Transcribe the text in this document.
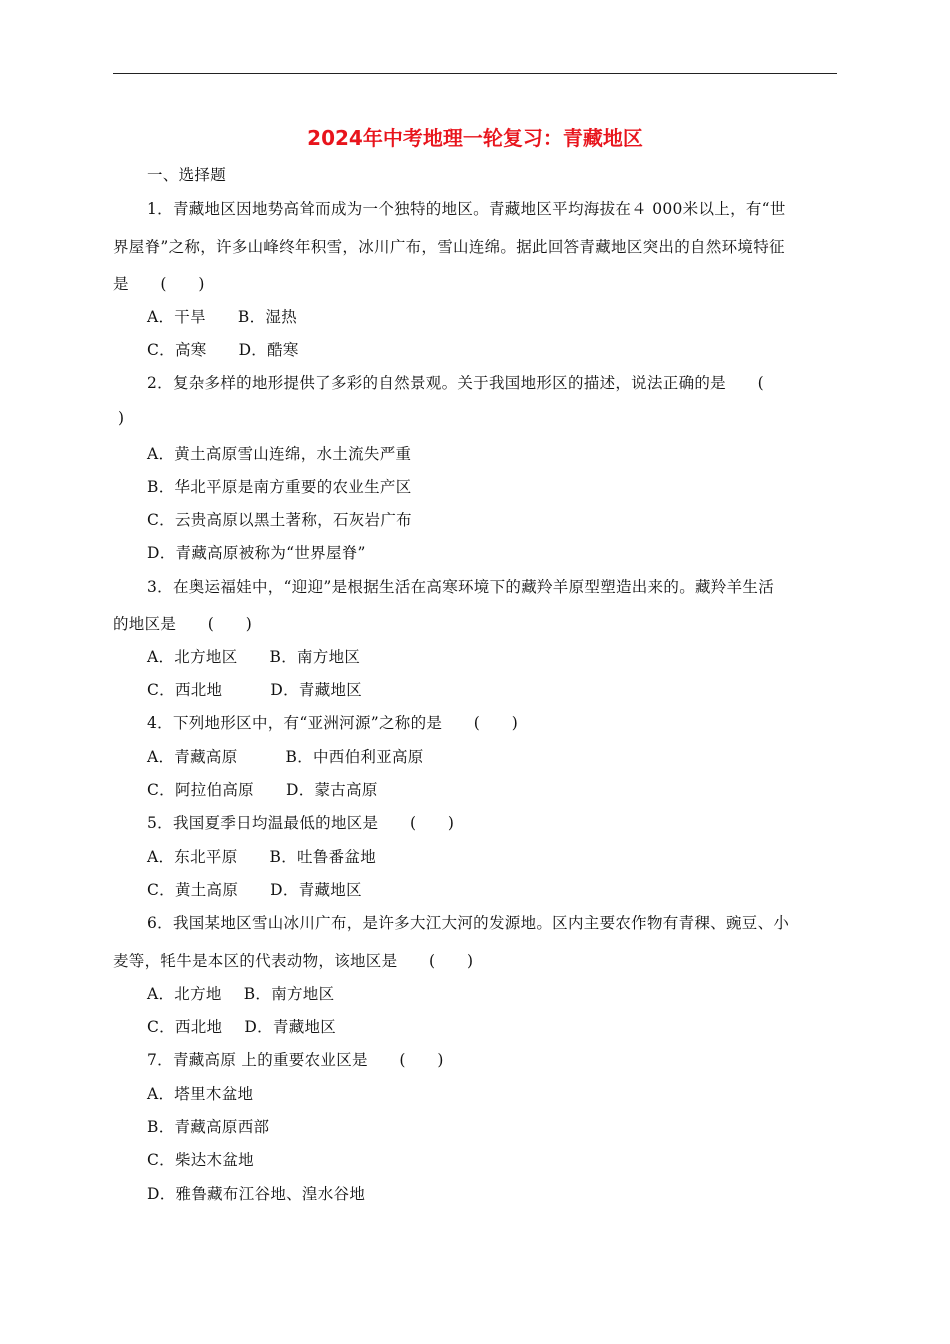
2024年中考地理一轮复习：青藏地区
一、选择题
1．青藏地区因地势高耸而成为一个独特的地区。青藏地区平均海拔在４ 000米以上，有“世
界屋脊”之称，许多山峰终年积雪，冰川广布，雪山连绵。据此回答青藏地区突出的自然环境特征
是　　(　　)
A．干旱 B．湿热
C．高寒 D．酷寒
2．复杂多样的地形提供了多彩的自然景观。关于我国地形区的描述，说法正确的是　　(
)
A．黄土高原雪山连绵，水土流失严重
B．华北平原是南方重要的农业生产区
C．云贵高原以黑土著称，石灰岩广布
D．青藏高原被称为“世界屋脊”
3．在奥运福娃中，“迎迎”是根据生活在高寒环境下的藏羚羊原型塑造出来的。藏羚羊生活
的地区是　　(　　)
A．北方地区 B．南方地区
C．西北地	D．青藏地区
4．下列地形区中，有“亚洲河源”之称的是　　(　　)
A．青藏高原	B．中西伯利亚高原
C．阿拉伯高原 D．蒙古高原
5．我国夏季日均温最低的地区是　　(　　)
A．东北平原 B．吐鲁番盆地
C．黄土高原 D．青藏地区
6．我国某地区雪山冰川广布，是许多大江大河的发源地。区内主要农作物有青稞、豌豆、小
麦等，牦牛是本区的代表动物，该地区是　　(　　)
A．北方地 B．南方地区
C．西北地 D．青藏地区
7．青藏高原 上的重要农业区是　　(　　)
A．塔里木盆地
B．青藏高原西部
C．柴达木盆地
D．雅鲁藏布江谷地、湟水谷地
